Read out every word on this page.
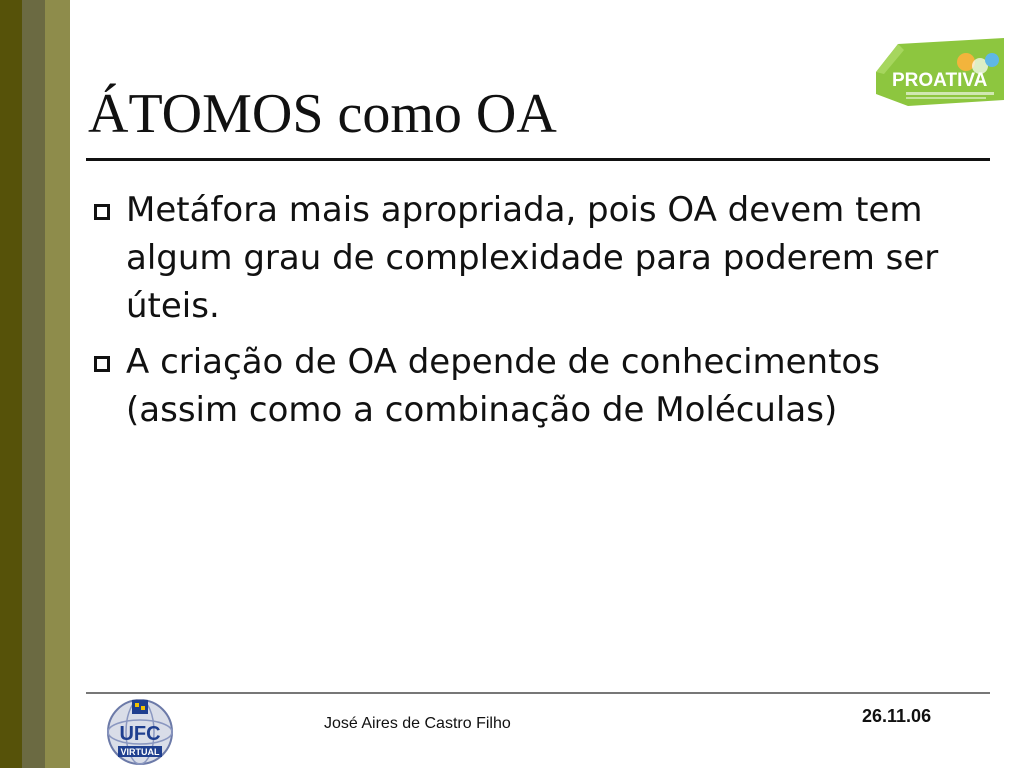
ÁTOMOS como OA
PROATIVA
Metáfora mais apropriada, pois OA devem tem algum grau de complexidade para poderem ser úteis.
A criação de OA depende de conhecimentos (assim como a combinação de Moléculas)
UFC
VIRTUAL
José Aires de Castro Filho	26.11.06
